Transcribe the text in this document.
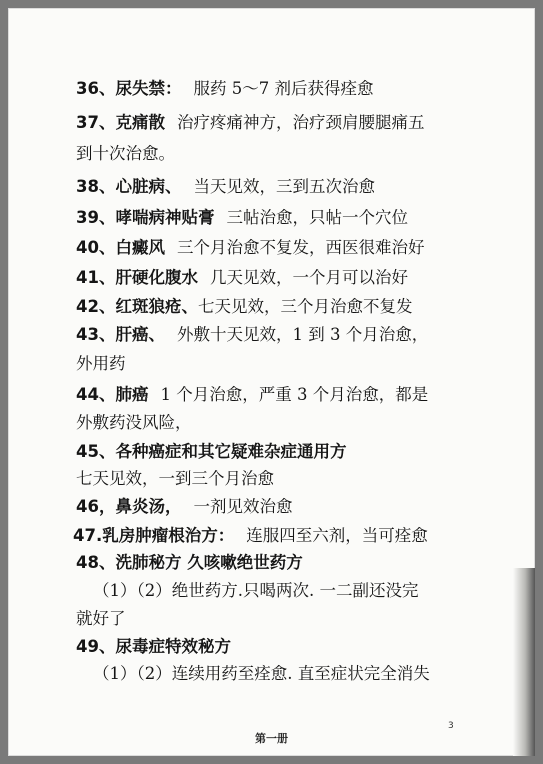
36、尿失禁： 服药 5～7 剂后获得痊愈
37、克痛散 治疗疼痛神方，治疗颈肩腰腿痛五
到十次治愈。
38、心脏病、 当天见效，三到五次治愈
39、哮喘病神贴膏 三帖治愈，只帖一个穴位
40、白癜风 三个月治愈不复发，西医很难治好
41、肝硬化腹水 几天见效，一个月可以治好
42、红斑狼疮、七天见效，三个月治愈不复发
43、肝癌、 外敷十天见效，1 到 3 个月治愈，
外用药
44、肺癌 1 个月治愈，严重 3 个月治愈，都是
外敷药没风险，
45、各种癌症和其它疑难杂症通用方
七天见效，一到三个月治愈
46，鼻炎汤， 一剂见效治愈
47.乳房肿瘤根治方： 连服四至六剂，当可痊愈
48、洗肺秘方 久咳嗽绝世药方
（1）（2）绝世药方.只喝两次. 一二副还没完
就好了
49、尿毒症特效秘方
（1）（2）连续用药至痊愈. 直至症状完全消失
第一册
3
